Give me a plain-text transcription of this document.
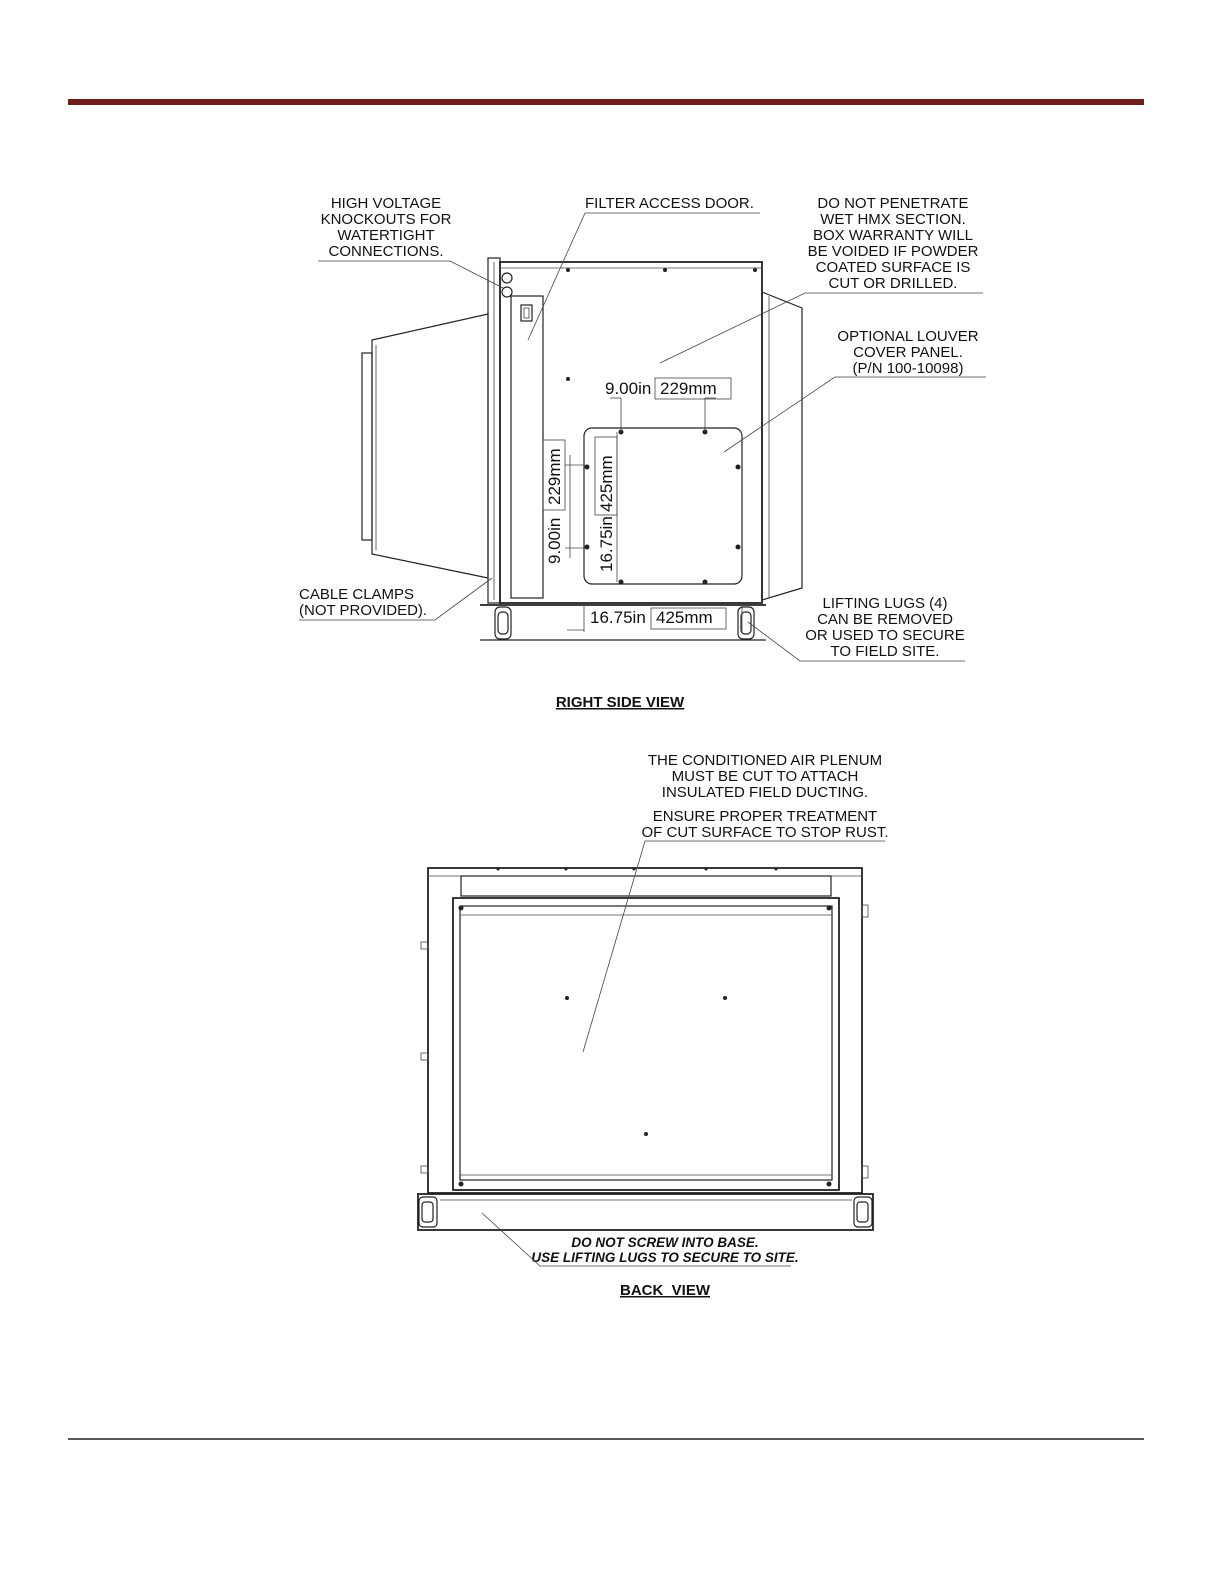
9.00in 229mm
9.00in
229mm
16.75in
425mm
16.75in 425mm
HIGH VOLTAGE
KNOCKOUTS FOR
WATERTIGHT
CONNECTIONS.
FILTER ACCESS DOOR.	DO NOT PENETRATE
WET HMX SECTION.
BOX WARRANTY WILL
BE VOIDED IF POWDER
COATED SURFACE IS
CUT OR DRILLED.
OPTIONAL LOUVER
COVER PANEL.
(P/N 100-10098)
CABLE CLAMPS
(NOT PROVIDED).	LIFTING LUGS (4)
CAN BE REMOVED
OR USED TO SECURE
TO FIELD SITE.
RIGHT SIDE VIEW
THE CONDITIONED AIR PLENUM
MUST BE CUT TO ATTACH
INSULATED FIELD DUCTING.
ENSURE PROPER TREATMENT
OF CUT SURFACE TO STOP RUST.
DO NOT SCREW INTO BASE.
USE LIFTING LUGS TO SECURE TO SITE.
BACK  VIEW
